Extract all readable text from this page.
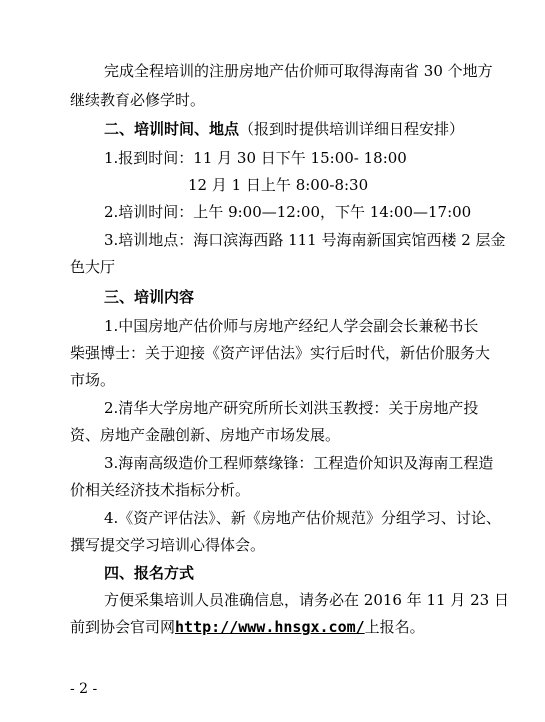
完成全程培训的注册房地产估价师可取得海南省 30 个地方
继续教育必修学时。
二、培训时间、地点（报到时提供培训详细日程安排）
1.报到时间：11 月 30 日下午 15:00- 18:00
12 月 1 日上午 8:00-8:30
2.培训时间：上午 9:00—12:00，下午 14:00—17:00
3.培训地点：海口滨海西路 111 号海南新国宾馆西楼 2 层金
色大厅
三、培训内容
1.中国房地产估价师与房地产经纪人学会副会长兼秘书长
柴强博士：关于迎接《资产评估法》实行后时代，新估价服务大
市场。
2.清华大学房地产研究所所长刘洪玉教授：关于房地产投
资、房地产金融创新、房地产市场发展。
3.海南高级造价工程师蔡缘锋：工程造价知识及海南工程造
价相关经济技术指标分析。
4.《资产评估法》、新《房地产估价规范》分组学习、讨论、
撰写提交学习培训心得体会。
四、报名方式
方便采集培训人员准确信息，请务必在 2016 年 11 月 23 日
前到协会官司网http://www.hnsgx.com/上报名。
- 2 -
